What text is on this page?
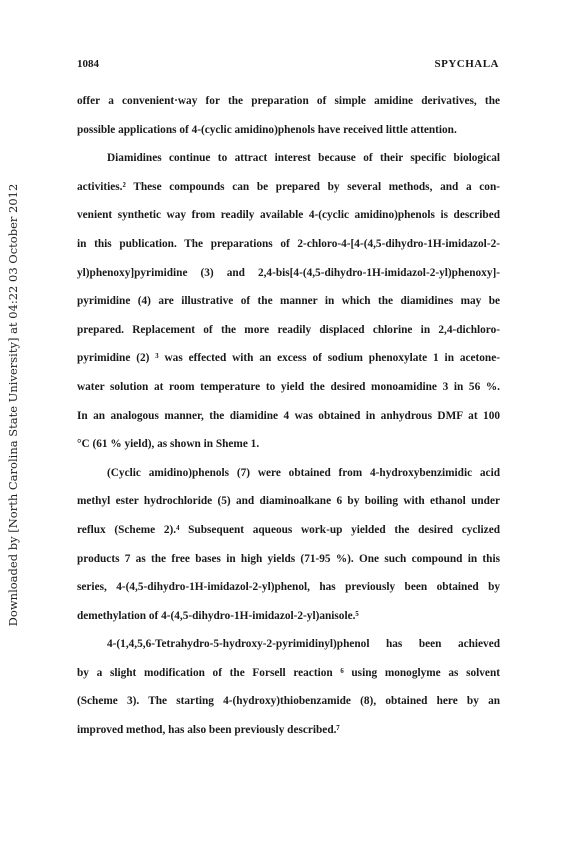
Downloaded by [North Carolina State University] at 04:22 03 October 2012
1084	SPYCHALA
offer a convenient·way for the preparation of simple amidine derivatives, the
possible applications of 4-(cyclic amidino)phenols have received little attention.
Diamidines continue to attract interest because of their specific biological
activities.² These compounds can be prepared by several methods, and a con-
venient synthetic way from readily available 4-(cyclic amidino)phenols is described
in this publication. The preparations of 2-chloro-4-[4-(4,5-dihydro-1H-imidazol-2-
yl)phenoxy]pyrimidine (3) and 2,4-bis[4-(4,5-dihydro-1H-imidazol-2-yl)phenoxy]-
pyrimidine (4) are illustrative of the manner in which the diamidines may be
prepared. Replacement of the more readily displaced chlorine in 2,4-dichloro-
pyrimidine (2) ³ was effected with an excess of sodium phenoxylate 1 in acetone-
water solution at room temperature to yield the desired monoamidine 3 in 56 %.
In an analogous manner, the diamidine 4 was obtained in anhydrous DMF at 100
°C (61 % yield), as shown in Sheme 1.
(Cyclic amidino)phenols (7) were obtained from 4-hydroxybenzimidic acid
methyl ester hydrochloride (5) and diaminoalkane 6 by boiling with ethanol under
reflux (Scheme 2).⁴ Subsequent aqueous work-up yielded the desired cyclized
products 7 as the free bases in high yields (71-95 %). One such compound in this
series, 4-(4,5-dihydro-1H-imidazol-2-yl)phenol, has previously been obtained by
demethylation of 4-(4,5-dihydro-1H-imidazol-2-yl)anisole.⁵
4-(1,4,5,6-Tetrahydro-5-hydroxy-2-pyrimidinyl)phenol has been achieved
by a slight modification of the Forsell reaction ⁶ using monoglyme as solvent
(Scheme 3). The starting 4-(hydroxy)thiobenzamide (8), obtained here by an
improved method, has also been previously described.⁷
